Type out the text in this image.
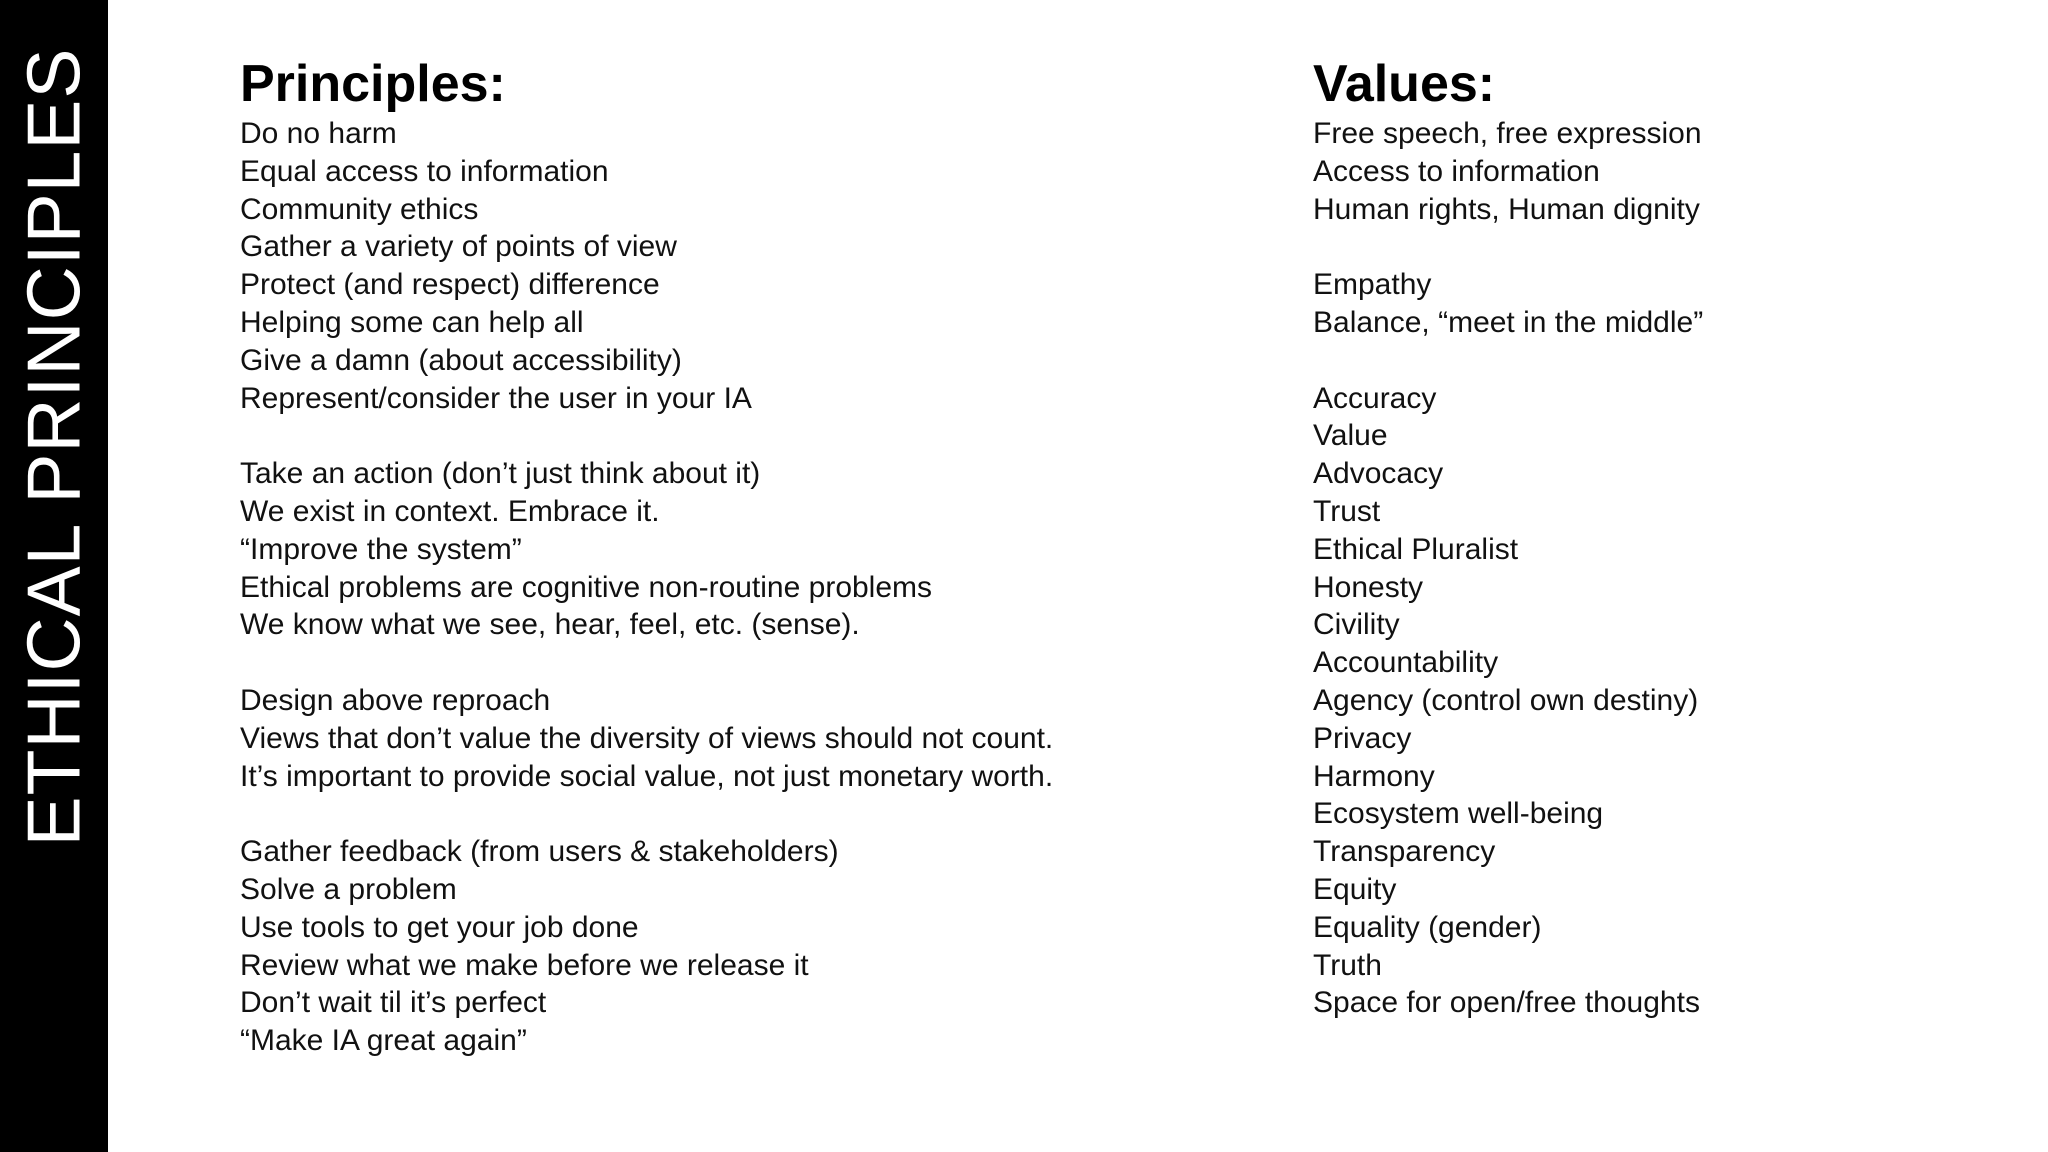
ETHICAL PRINCIPLES	Principles:
Do no harm
Equal access to information
Community ethics
Gather a variety of points of view
Protect (and respect) difference
Helping some can help all
Give a damn (about accessibility)
Represent/consider the user in your IA
Take an action (don’t just think about it)
We exist in context. Embrace it.
“Improve the system”
Ethical problems are cognitive non-routine problems
We know what we see, hear, feel, etc. (sense).
Design above reproach
Views that don’t value the diversity of views should not count.
It’s important to provide social value, not just monetary worth.
Gather feedback (from users & stakeholders)
Solve a problem
Use tools to get your job done
Review what we make before we release it
Don’t wait til it’s perfect
“Make IA great again”
Values:
Free speech, free expression
Access to information
Human rights, Human dignity
Empathy
Balance, “meet in the middle”
Accuracy
Value
Advocacy
Trust
Ethical Pluralist
Honesty
Civility
Accountability
Agency (control own destiny)
Privacy
Harmony
Ecosystem well-being
Transparency
Equity
Equality (gender)
Truth
Space for open/free thoughts
